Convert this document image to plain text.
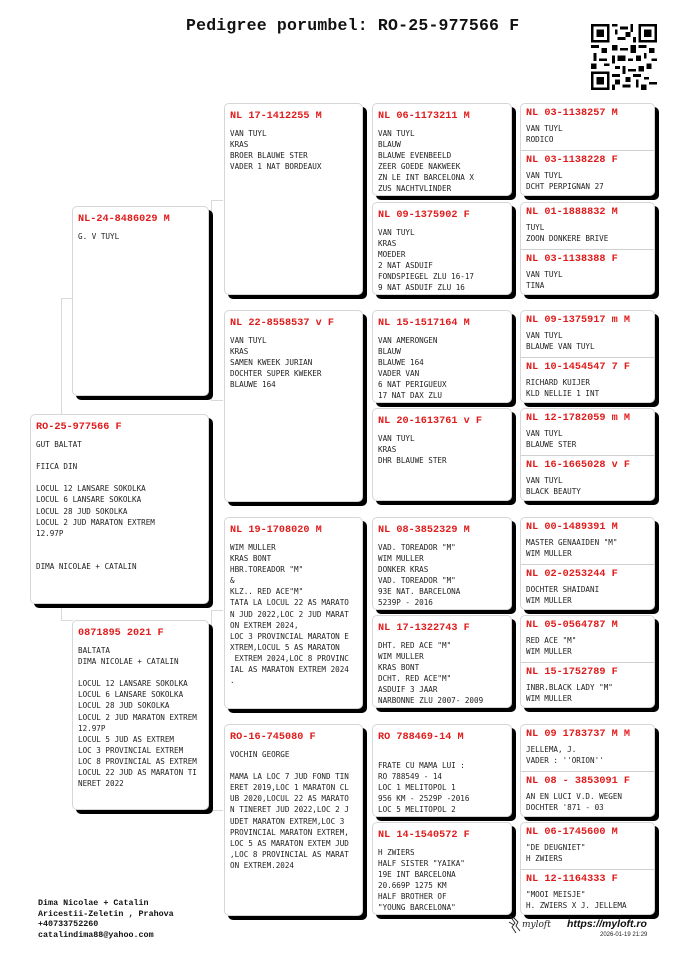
Pedigree porumbel: RO-25-977566 F
RO-25-977566 F
GUT BALTAT

FIICA DIN

LOCUL 12 LANSARE SOKOLKA
LOCUL 6 LANSARE SOKOLKA
LOCUL 28 JUD SOKOLKA
LOCUL 2 JUD MARATON EXTREM
12.97P

DIMA NICOLAE + CATALIN
NL-24-8486029 M
G. V TUYL
0871895 2021 F
BALTATA
DIMA NICOLAE + CATALIN

LOCUL 12 LANSARE SOKOLKA
LOCUL 6 LANSARE SOKOLKA
LOCUL 28 JUD SOKOLKA
LOCUL 2 JUD MARATON EXTREM
12.97P
LOCUL 5 JUD AS EXTREM
LOC 3 PROVINCIAL EXTREM
LOC 8 PROVINCIAL AS EXTREM
LOCUL 22 JUD AS MARATON TI
NERET 2022
NL 17-1412255 M
VAN TUYL
KRAS
BROER BLAUWE STER
VADER 1 NAT BORDEAUX
NL 22-8558537 v F
VAN TUYL
KRAS
SAMEN KWEEK JURIAN
DOCHTER SUPER KWEKER
BLAUWE 164
NL 19-1708020 M
WIM MULLER
KRAS BONT
HBR.TOREADOR "M"
&
KLZ.. RED ACE"M"
TATA LA LOCUL 22 AS MARATO
N JUD 2022,LOC 2 JUD MARAT
ON EXTREM 2024,
LOC 3 PROVINCIAL MARATON E
XTREM,LOCUL 5 AS MARATON
EXTREM 2024,LOC 8 PROVINC
IAL AS MARATON EXTREM 2024
.
RO-16-745080 F
VOCHIN GEORGE

MAMA LA LOC 7 JUD FOND TIN
ERET 2019,LOC 1 MARATON CL
UB 2020,LOCUL 22 AS MARATO
N TINERET JUD 2022,LOC 2 J
UDET MARATON EXTREM,LOC 3
PROVINCIAL MARATON EXTREM,
LOC 5 AS MARATON EXTEM JUD
,LOC 8 PROVINCIAL AS MARAT
ON EXTREM.2024
NL 06-1173211 M
VAN TUYL
BLAUW
BLAUWE EVENBEELD
ZEER GOEDE NAKWEEK
ZN LE INT BARCELONA X
ZUS NACHTVLINDER
NL 09-1375902 F
VAN TUYL
KRAS
MOEDER
2 NAT ASDUIF
FONDSPIEGEL ZLU 16-17
9 NAT ASDUIF ZLU 16
NL 15-1517164 M
VAN AMERONGEN
BLAUW
BLAUWE 164
VADER VAN
6 NAT PERIGUEUX
17 NAT DAX ZLU
NL 20-1613761 v F
VAN TUYL
KRAS
DHR BLAUWE STER
NL 08-3852329 M
VAD. TOREADOR "M"
WIM MULLER
DONKER KRAS
VAD. TOREADOR "M"
93E NAT. BARCELONA
5239P - 2016
NL 17-1322743 F
DHT. RED ACE "M"
WIM MULLER
KRAS BONT
DCHT. RED ACE"M"
ASDUIF 3 JAAR
NARBONNE ZLU 2007- 2009
RO 788469-14 M

FRATE CU MAMA LUI :
RO 788549 - 14
LOC 1 MELITOPOL 1
956 KM - 2529P -2016
LOC 5 MELITOPOL 2
NL 14-1540572 F
H ZWIERS
HALF SISTER "YAIKA"
19E INT BARCELONA
20.669P 1275 KM
HALF BROTHER OF
"YOUNG BARCELONA"
NL 03-1138257 M
VAN TUYL
RODICO
NL 03-1138228 F
VAN TUYL
DCHT PERPIGNAN 27
NL 01-1888832 M
TUYL
ZOON DONKERE BRIVE
NL 03-1138388 F
VAN TUYL
TINA
NL 09-1375917 m M
VAN TUYL
BLAUWE VAN TUYL
NL 10-1454547 7 F
RICHARD KUIJER
KLD NELLIE 1 INT
NL 12-1782059 m M
VAN TUYL
BLAUWE STER
NL 16-1665028 v F
VAN TUYL
BLACK BEAUTY
NL 00-1489391 M
MASTER GENAAIDEN "M"
WIM MULLER
NL 02-0253244 F
DOCHTER SHAIDANI
WIM MULLER
NL 05-0564787 M
RED ACE "M"
WIM MULLER
NL 15-1752789 F
INBR.BLACK LADY "M"
WIM MULLER
NL 09 1783737 M M
JELLEMA, J.
VADER : ''ORION''
NL 08 - 3853091 F
AN EN LUCI V.D. WEGEN
DOCHTER '871 - 03
NL 06-1745600 M
"DE DEUGNIET"
H ZWIERS
NL 12-1164333 F
"MOOI MEISJE"
H. ZWIERS X J. JELLEMA
Dima Nicolae + Catalin
Aricestii-Zeletin , Prahova
+40733752260
catalindima88@yahoo.com
myloft https://myloft.ro
2026-01-19 21:29
